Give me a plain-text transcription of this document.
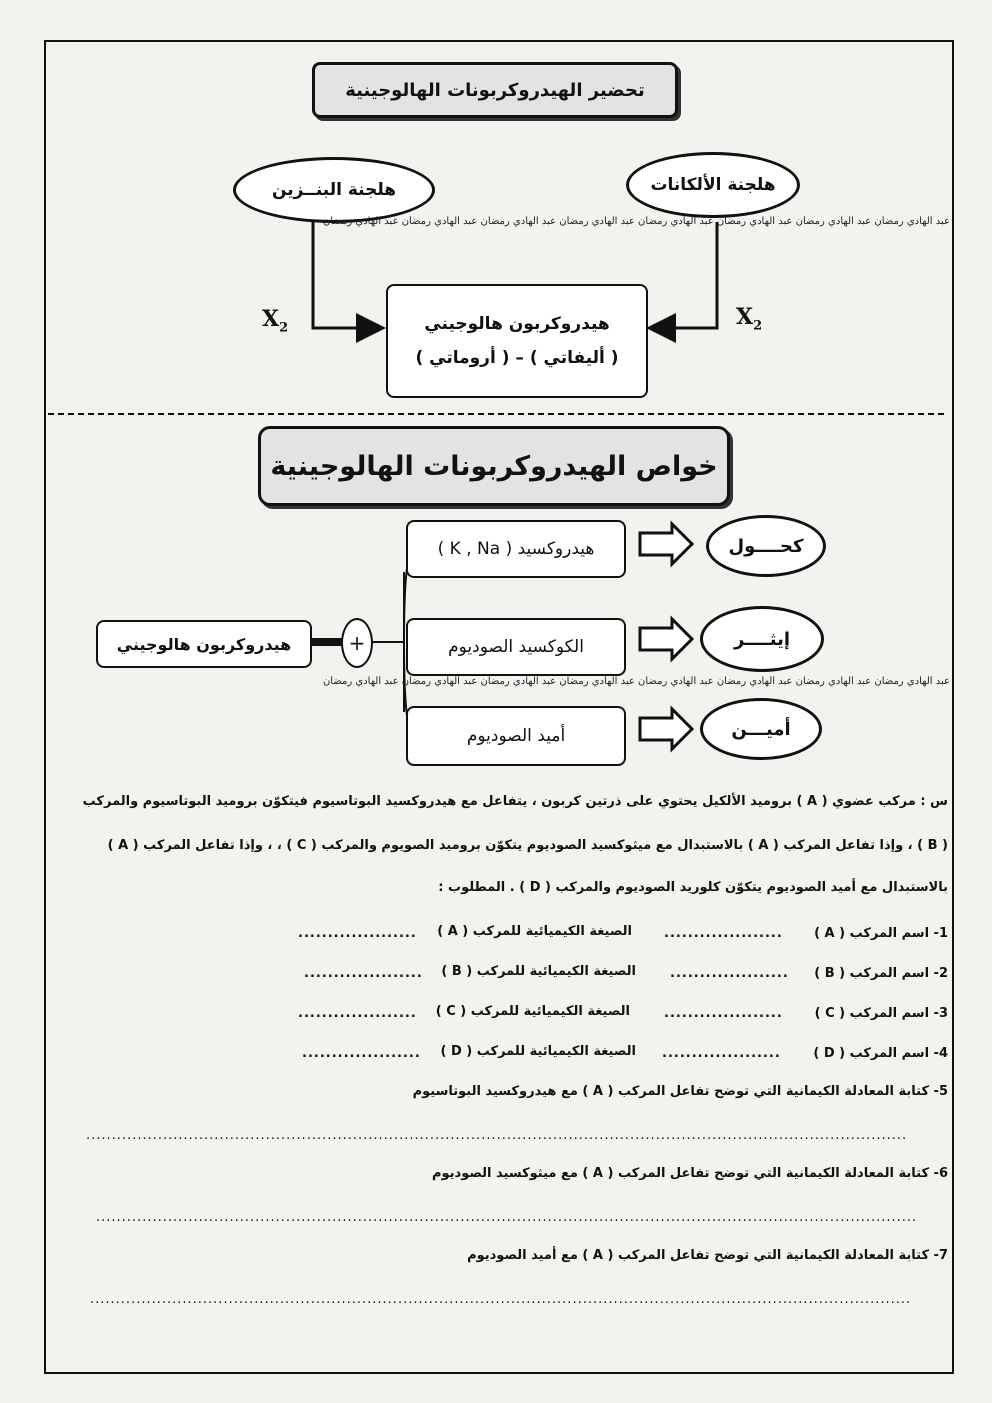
تحضير الهيدروكربونات الهالوجينية
هلجنة البنــزين	هلجنة الألكانات
عبد الهادي رمضان عبد الهادي رمضان عبد الهادي رمضان عبد الهادي رمضان عبد الهادي رمضان عبد الهادي رمضان عبد الهادي رمضان عبد الهادي رمضان
$X_2$	$X_2$
هيدروكربون هالوجيني
( أليفاتي ) – ( أروماتي )
خواص الهيدروكربونات الهالوجينية
هيدروكربون هالوجيني	+
هيدروكسيد ( K , Na )
الكوكسيد الصوديوم
أميد الصوديوم
كحــــول
إيثــــر
أميـــن
عبد الهادي رمضان عبد الهادي رمضان عبد الهادي رمضان عبد الهادي رمضان عبد الهادي رمضان عبد الهادي رمضان عبد الهادي رمضان عبد الهادي رمضان
س : مركب عضوي ( A ) بروميد الألكيل يحتوي على ذرتين كربون ، يتفاعل مع هيدروكسيد البوتاسيوم فيتكوّن بروميد البوتاسيوم والمركب
( B ) ، وإذا تفاعل المركب ( A ) بالاستبدال مع ميثوكسيد الصوديوم يتكوّن بروميد الصويوم والمركب ( C ) ، ، وإذا تفاعل المركب ( A )
بالاستبدال مع أميد الصوديوم يتكوّن كلوريد الصوديوم والمركب ( D ) . المطلوب :
1- اسم المركب ( A )
....................
الصيغة الكيميائية للمركب ( A )
....................
2- اسم المركب ( B )
....................
الصيغة الكيميائية للمركب ( B )
....................
3- اسم المركب ( C )
....................
الصيغة الكيميائية للمركب ( C )
....................
4- اسم المركب ( D )
....................
الصيغة الكيميائية للمركب ( D )
....................
5- كتابة المعادلة الكيمانية التي توضح تفاعل المركب ( A ) مع هيدروكسيد البوتاسيوم
................................................................................................................................................................
6- كتابة المعادلة الكيمانية التي توضح تفاعل المركب ( A ) مع ميثوكسيد الصوديوم
................................................................................................................................................................
7- كتابة المعادلة الكيمانية التي توضح تفاعل المركب ( A ) مع أميد الصوديوم
................................................................................................................................................................
